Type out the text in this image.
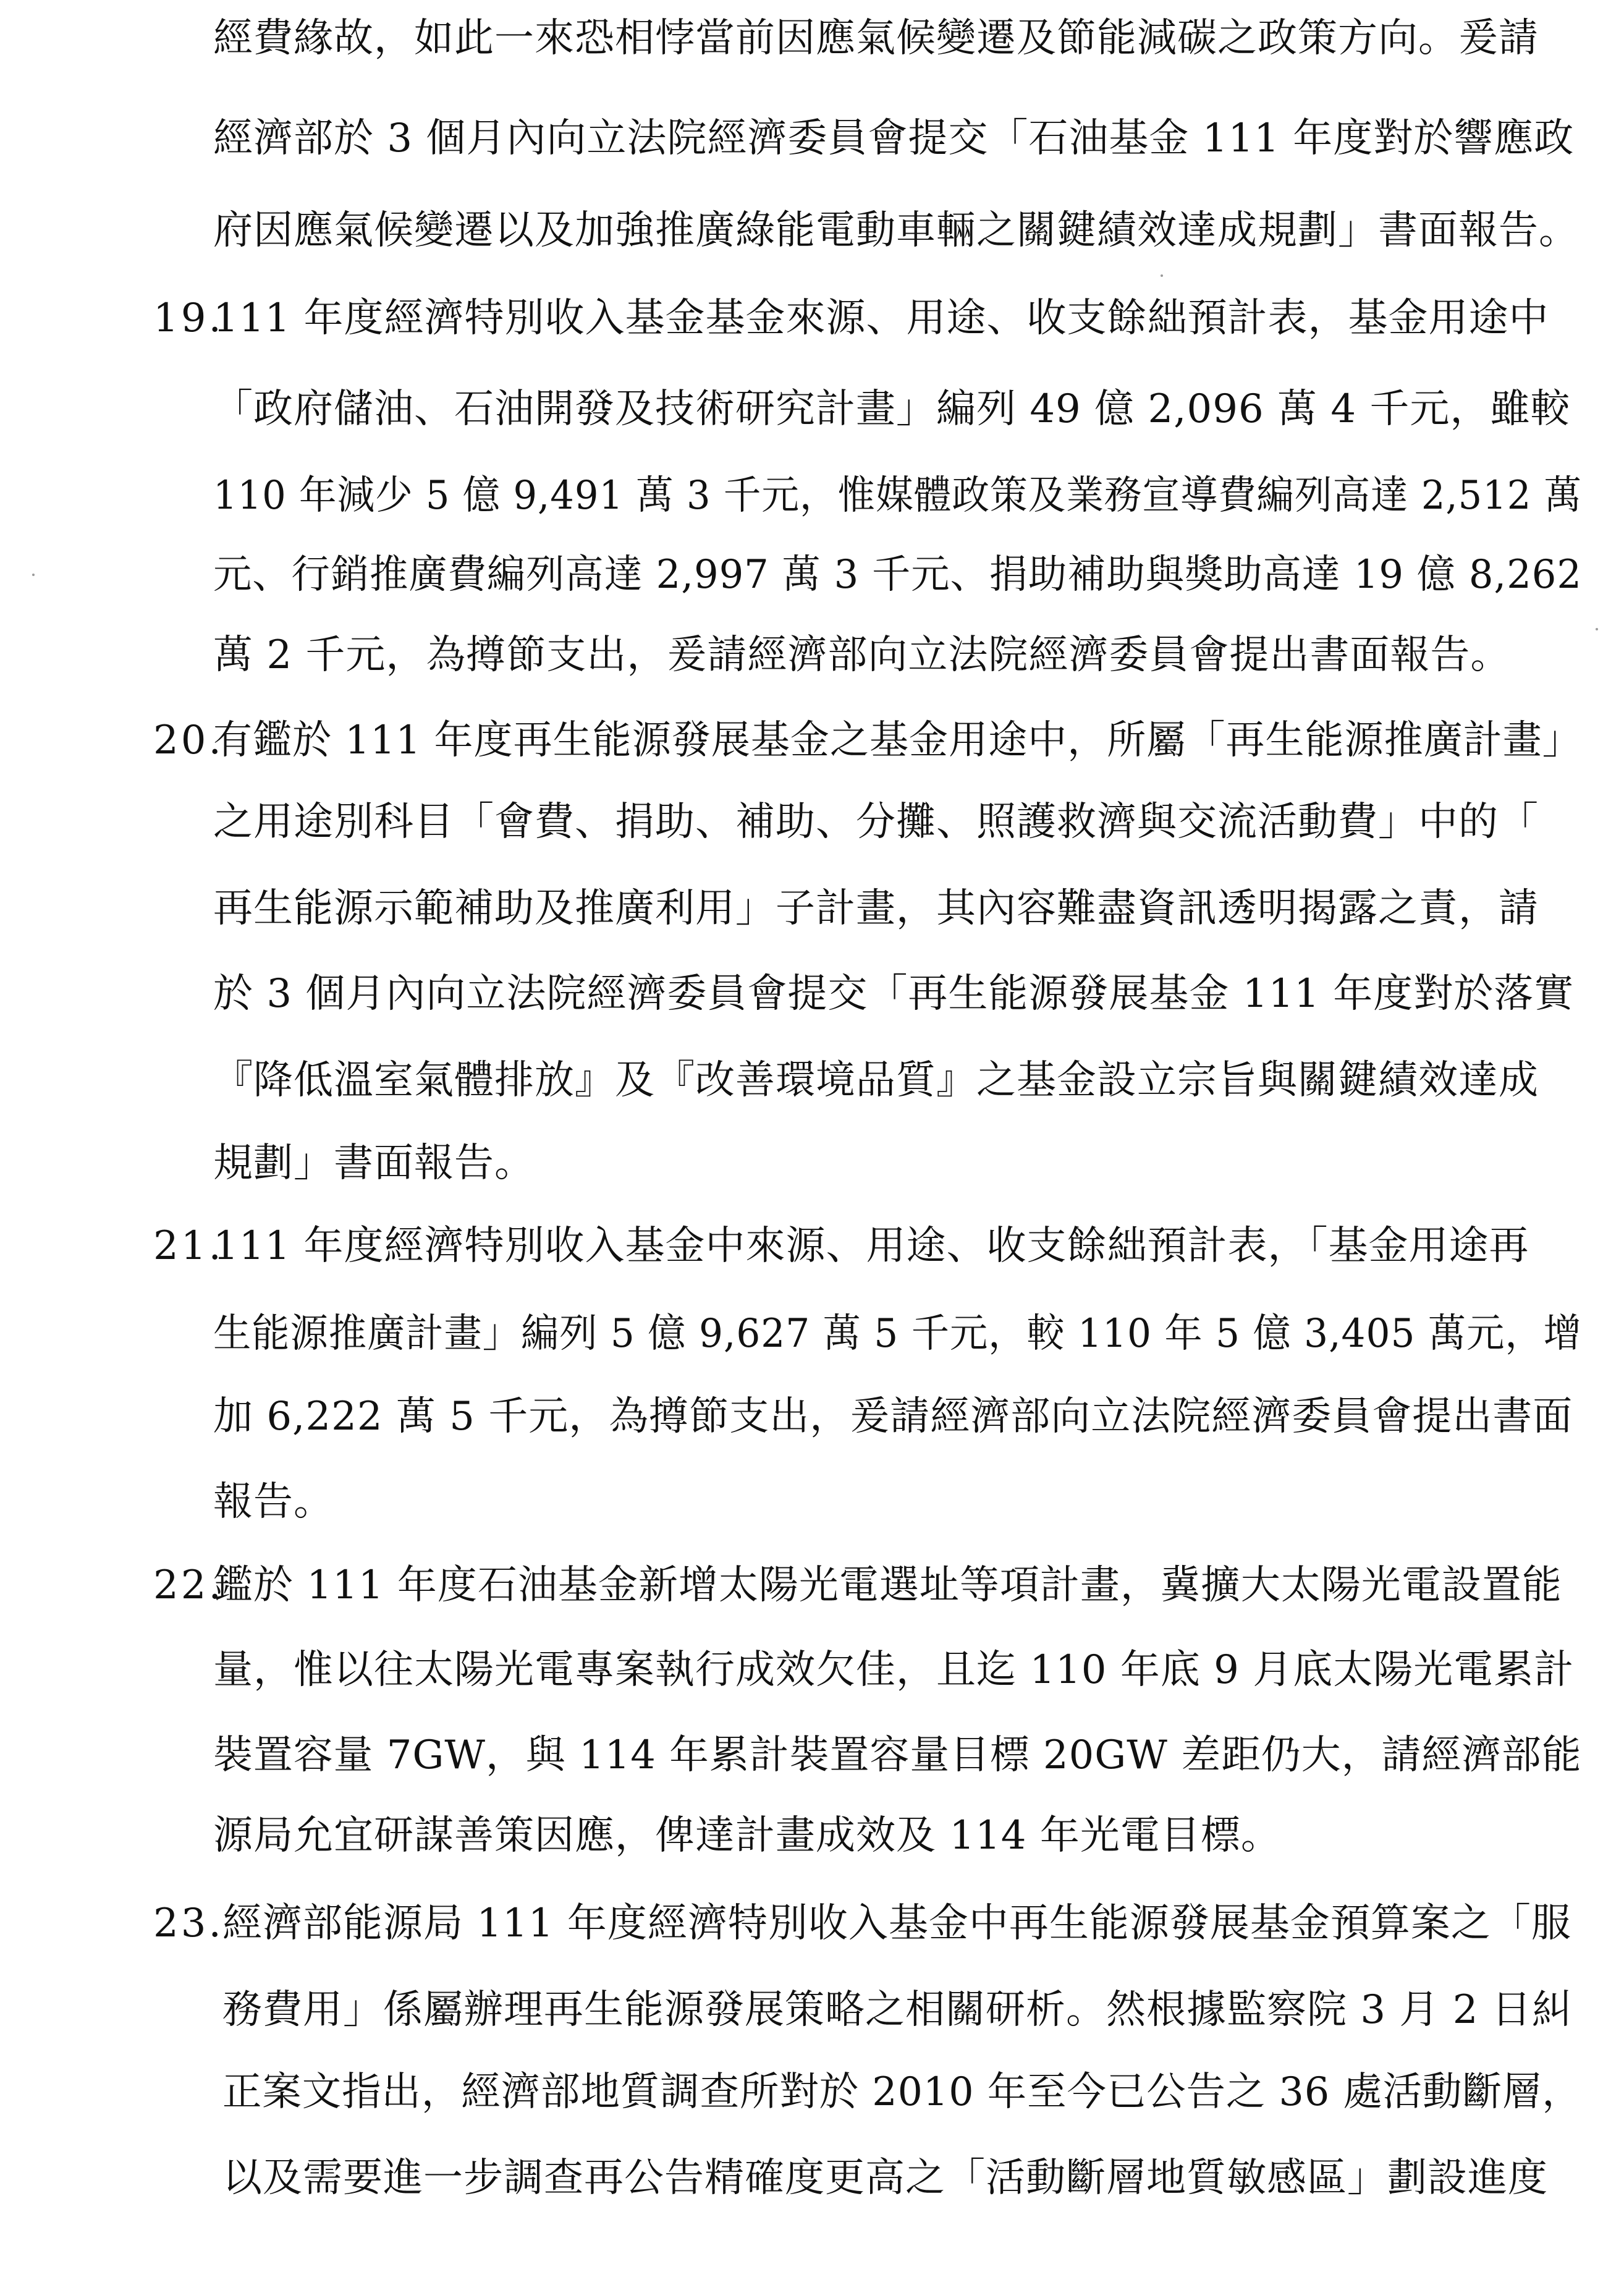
經費緣故，如此一來恐相悖當前因應氣候變遷及節能減碳之政策方向。爰請
經濟部於 3 個月內向立法院經濟委員會提交「石油基金 111 年度對於響應政
府因應氣候變遷以及加強推廣綠能電動車輛之關鍵績效達成規劃」書面報告。
19.
111 年度經濟特別收入基金基金來源、用途、收支餘絀預計表，基金用途中
「政府儲油、石油開發及技術研究計畫」編列 49 億 2,096 萬 4 千元，雖較
110 年減少 5 億 9,491 萬 3 千元，惟媒體政策及業務宣導費編列高達 2,512 萬
元、行銷推廣費編列高達 2,997 萬 3 千元、捐助補助與獎助高達 19 億 8,262
萬 2 千元，為撙節支出，爰請經濟部向立法院經濟委員會提出書面報告。
20.
有鑑於 111 年度再生能源發展基金之基金用途中，所屬「再生能源推廣計畫」
之用途別科目「會費、捐助、補助、分攤、照護救濟與交流活動費」中的「
再生能源示範補助及推廣利用」子計畫，其內容難盡資訊透明揭露之責，請
於 3 個月內向立法院經濟委員會提交「再生能源發展基金 111 年度對於落實
『降低溫室氣體排放』及『改善環境品質』之基金設立宗旨與關鍵績效達成
規劃」書面報告。
21.
111 年度經濟特別收入基金中來源、用途、收支餘絀預計表，「基金用途再
生能源推廣計畫」編列 5 億 9,627 萬 5 千元，較 110 年 5 億 3,405 萬元，增
加 6,222 萬 5 千元，為撙節支出，爰請經濟部向立法院經濟委員會提出書面
報告。
22.
鑑於 111 年度石油基金新增太陽光電選址等項計畫，冀擴大太陽光電設置能
量，惟以往太陽光電專案執行成效欠佳，且迄 110 年底 9 月底太陽光電累計
裝置容量 7GW，與 114 年累計裝置容量目標 20GW 差距仍大，請經濟部能
源局允宜研謀善策因應，俾達計畫成效及 114 年光電目標。
23.
經濟部能源局 111 年度經濟特別收入基金中再生能源發展基金預算案之「服
務費用」係屬辦理再生能源發展策略之相關研析。然根據監察院 3 月 2 日糾
正案文指出，經濟部地質調查所對於 2010 年至今已公告之 36 處活動斷層，
以及需要進一步調查再公告精確度更高之「活動斷層地質敏感區」劃設進度
